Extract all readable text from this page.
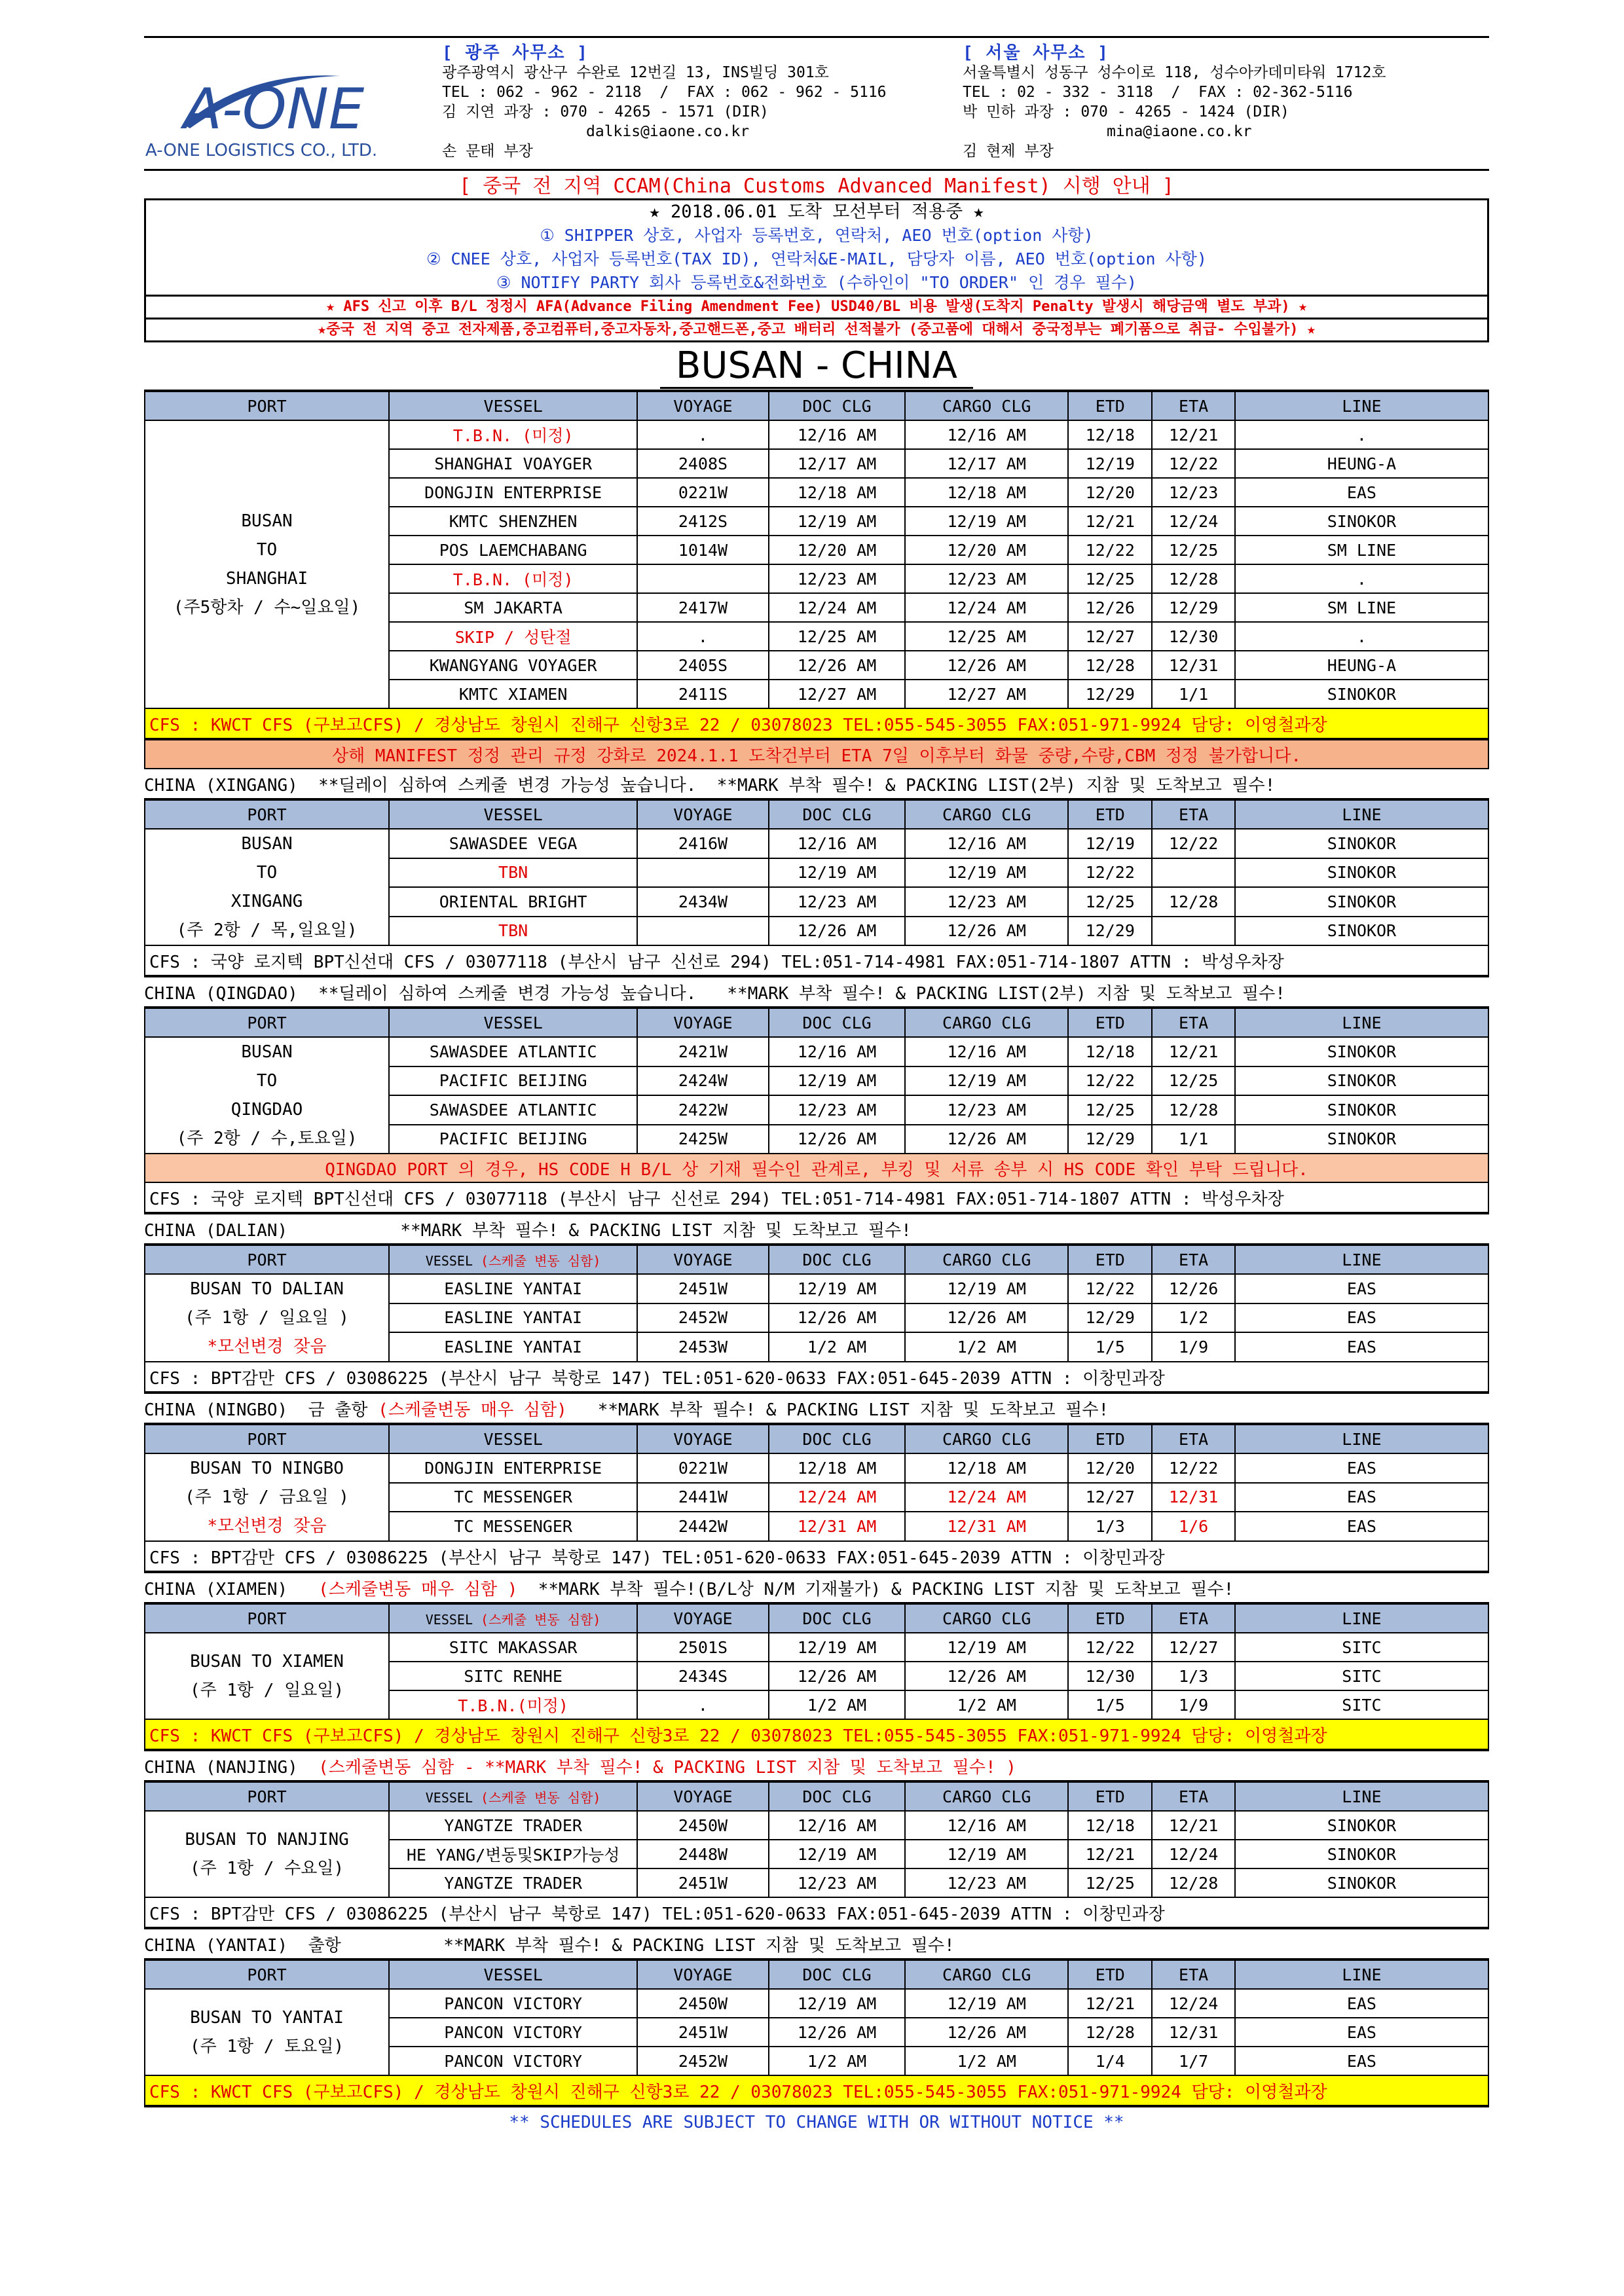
A-ONE
A-ONE LOGISTICS CO., LTD.
[ 광주 사무소 ]
광주광역시 광산구 수완로 12번길 13, INS빌딩 301호
TEL : 062 - 962 - 2118  /  FAX : 062 - 962 - 5116
김 지연 과장 : 070 - 4265 - 1571 (DIR)
dalkis@iaone.co.kr
손 문태 부장
[ 서울 사무소 ]
서울특별시 성동구 성수이로 118, 성수아카데미타워 1712호
TEL : 02 - 332 - 3118  /  FAX : 02-362-5116
박 민하 과장 : 070 - 4265 - 1424 (DIR)
mina@iaone.co.kr
김 현제 부장
[ 중국 전 지역 CCAM(China Customs Advanced Manifest) 시행 안내 ]
★ 2018.06.01 도착 모선부터 적용중 ★
① SHIPPER 상호, 사업자 등록번호, 연락처, AEO 번호(option 사항)
② CNEE 상호, 사업자 등록번호(TAX ID), 연락처&E-MAIL, 담당자 이름, AEO 번호(option 사항)
③ NOTIFY PARTY 회사 등록번호&전화번호 (수하인이 "TO ORDER" 인 경우 필수)
★ AFS 신고 이후 B/L 정정시 AFA(Advance Filing Amendment Fee) USD40/BL 비용 발생(도착지 Penalty 발생시 해당금액 별도 부과) ★
★중국 전 지역 중고 전자제품,중고컴퓨터,중고자동차,중고핸드폰,중고 배터리 선적불가 (중고품에 대해서 중국정부는 폐기품으로 취급- 수입불가) ★
BUSAN - CHINA
PORT	VESSEL	VOYAGE	DOC CLG	CARGO CLG	ETD	ETA	LINE

BUSAN
TO
SHANGHAI
(주5항차 / 수~일요일)	T.B.N. (미정)	.	12/16 AM	12/16 AM	12/18	12/21	.
	SHANGHAI VOAYGER	2408S	12/17 AM	12/17 AM	12/19	12/22	HEUNG-A
	DONGJIN ENTERPRISE	0221W	12/18 AM	12/18 AM	12/20	12/23	EAS
	KMTC SHENZHEN	2412S	12/19 AM	12/19 AM	12/21	12/24	SINOKOR
	POS LAEMCHABANG	1014W	12/20 AM	12/20 AM	12/22	12/25	SM LINE
	T.B.N. (미정)		12/23 AM	12/23 AM	12/25	12/28	.
	SM JAKARTA	2417W	12/24 AM	12/24 AM	12/26	12/29	SM LINE
	SKIP / 성탄절	.	12/25 AM	12/25 AM	12/27	12/30	.
	KWANGYANG VOYAGER	2405S	12/26 AM	12/26 AM	12/28	12/31	HEUNG-A
	KMTC XIAMEN	2411S	12/27 AM	12/27 AM	12/29	1/1	SINOKOR
CFS : KWCT CFS (구보고CFS) / 경상남도 창원시 진해구 신항3로 22 / 03078023 TEL:055-545-3055 FAX:051-971-9924 담당: 이영철과장							
상해 MANIFEST 정정 관리 규정 강화로 2024.1.1 도착건부터 ETA 7일 이후부터 화물 중량,수량,CBM 정정 불가합니다.							
CHINA (XINGANG)  **딜레이 심하여 스케줄 변경 가능성 높습니다.  **MARK 부착 필수! & PACKING LIST(2부) 지참 및 도착보고 필수!
PORT	VESSEL	VOYAGE	DOC CLG	CARGO CLG	ETD	ETA	LINE

BUSAN
TO
XINGANG
(주 2항 / 목,일요일)	SAWASDEE VEGA	2416W	12/16 AM	12/16 AM	12/19	12/22	SINOKOR
	TBN		12/19 AM	12/19 AM	12/22		SINOKOR
	ORIENTAL BRIGHT	2434W	12/23 AM	12/23 AM	12/25	12/28	SINOKOR
	TBN		12/26 AM	12/26 AM	12/29		SINOKOR
CFS : 국양 로지텍 BPT신선대 CFS / 03077118 (부산시 남구 신선로 294) TEL:051-714-4981 FAX:051-714-1807 ATTN : 박성우차장							
CHINA (QINGDAO)  **딜레이 심하여 스케줄 변경 가능성 높습니다.   **MARK 부착 필수! & PACKING LIST(2부) 지참 및 도착보고 필수!
PORT	VESSEL	VOYAGE	DOC CLG	CARGO CLG	ETD	ETA	LINE

BUSAN
TO
QINGDAO
(주 2항 / 수,토요일)	SAWASDEE ATLANTIC	2421W	12/16 AM	12/16 AM	12/18	12/21	SINOKOR
	PACIFIC BEIJING	2424W	12/19 AM	12/19 AM	12/22	12/25	SINOKOR
	SAWASDEE ATLANTIC	2422W	12/23 AM	12/23 AM	12/25	12/28	SINOKOR
	PACIFIC BEIJING	2425W	12/26 AM	12/26 AM	12/29	1/1	SINOKOR
QINGDAO PORT 의 경우, HS CODE H B/L 상 기재 필수인 관계로, 부킹 및 서류 송부 시 HS CODE 확인 부탁 드립니다.							
CFS : 국양 로지텍 BPT신선대 CFS / 03077118 (부산시 남구 신선로 294) TEL:051-714-4981 FAX:051-714-1807 ATTN : 박성우차장							
CHINA (DALIAN)           **MARK 부착 필수! & PACKING LIST 지참 및 도착보고 필수!
PORT	VESSEL (스케줄 변동 심함)	VOYAGE	DOC CLG	CARGO CLG	ETD	ETA	LINE

BUSAN TO DALIAN
(주 1항 / 일요일 )
*모선변경 잦음	EASLINE YANTAI	2451W	12/19 AM	12/19 AM	12/22	12/26	EAS
	EASLINE YANTAI	2452W	12/26 AM	12/26 AM	12/29	1/2	EAS
	EASLINE YANTAI	2453W	1/2 AM	1/2 AM	1/5	1/9	EAS
CFS : BPT감만 CFS / 03086225 (부산시 남구 북항로 147) TEL:051-620-0633 FAX:051-645-2039 ATTN : 이창민과장							
CHINA (NINGBO)  금 출항 (스케줄변동 매우 심함)   **MARK 부착 필수! & PACKING LIST 지참 및 도착보고 필수!
PORT	VESSEL	VOYAGE	DOC CLG	CARGO CLG	ETD	ETA	LINE

BUSAN TO NINGBO
(주 1항 / 금요일 )
*모선변경 잦음	DONGJIN ENTERPRISE	0221W	12/18 AM	12/18 AM	12/20	12/22	EAS
	TC MESSENGER	2441W	12/24 AM	12/24 AM	12/27	12/31	EAS
	TC MESSENGER	2442W	12/31 AM	12/31 AM	1/3	1/6	EAS
CFS : BPT감만 CFS / 03086225 (부산시 남구 북항로 147) TEL:051-620-0633 FAX:051-645-2039 ATTN : 이창민과장							
CHINA (XIAMEN)   (스케줄변동 매우 심함 )  **MARK 부착 필수!(B/L상 N/M 기재불가) & PACKING LIST 지참 및 도착보고 필수!
PORT	VESSEL (스케줄 변동 심함)	VOYAGE	DOC CLG	CARGO CLG	ETD	ETA	LINE

BUSAN TO XIAMEN
(주 1항 / 일요일)	SITC MAKASSAR	2501S	12/19 AM	12/19 AM	12/22	12/27	SITC
	SITC RENHE	2434S	12/26 AM	12/26 AM	12/30	1/3	SITC
	T.B.N.(미정)	.	1/2 AM	1/2 AM	1/5	1/9	SITC
CFS : KWCT CFS (구보고CFS) / 경상남도 창원시 진해구 신항3로 22 / 03078023 TEL:055-545-3055 FAX:051-971-9924 담당: 이영철과장							
CHINA (NANJING)  (스케줄변동 심함 - **MARK 부착 필수! & PACKING LIST 지참 및 도착보고 필수! )
PORT	VESSEL (스케줄 변동 심함)	VOYAGE	DOC CLG	CARGO CLG	ETD	ETA	LINE

BUSAN TO NANJING
(주 1항 / 수요일)	YANGTZE TRADER	2450W	12/16 AM	12/16 AM	12/18	12/21	SINOKOR
	HE YANG/변동및SKIP가능성	2448W	12/19 AM	12/19 AM	12/21	12/24	SINOKOR
	YANGTZE TRADER	2451W	12/23 AM	12/23 AM	12/25	12/28	SINOKOR
CFS : BPT감만 CFS / 03086225 (부산시 남구 북항로 147) TEL:051-620-0633 FAX:051-645-2039 ATTN : 이창민과장							
CHINA (YANTAI)  출항          **MARK 부착 필수! & PACKING LIST 지참 및 도착보고 필수!
PORT	VESSEL	VOYAGE	DOC CLG	CARGO CLG	ETD	ETA	LINE

BUSAN TO YANTAI
(주 1항 / 토요일)	PANCON VICTORY	2450W	12/19 AM	12/19 AM	12/21	12/24	EAS
	PANCON VICTORY	2451W	12/26 AM	12/26 AM	12/28	12/31	EAS
	PANCON VICTORY	2452W	1/2 AM	1/2 AM	1/4	1/7	EAS
CFS : KWCT CFS (구보고CFS) / 경상남도 창원시 진해구 신항3로 22 / 03078023 TEL:055-545-3055 FAX:051-971-9924 담당: 이영철과장							
** SCHEDULES ARE SUBJECT TO CHANGE WITH OR WITHOUT NOTICE **
